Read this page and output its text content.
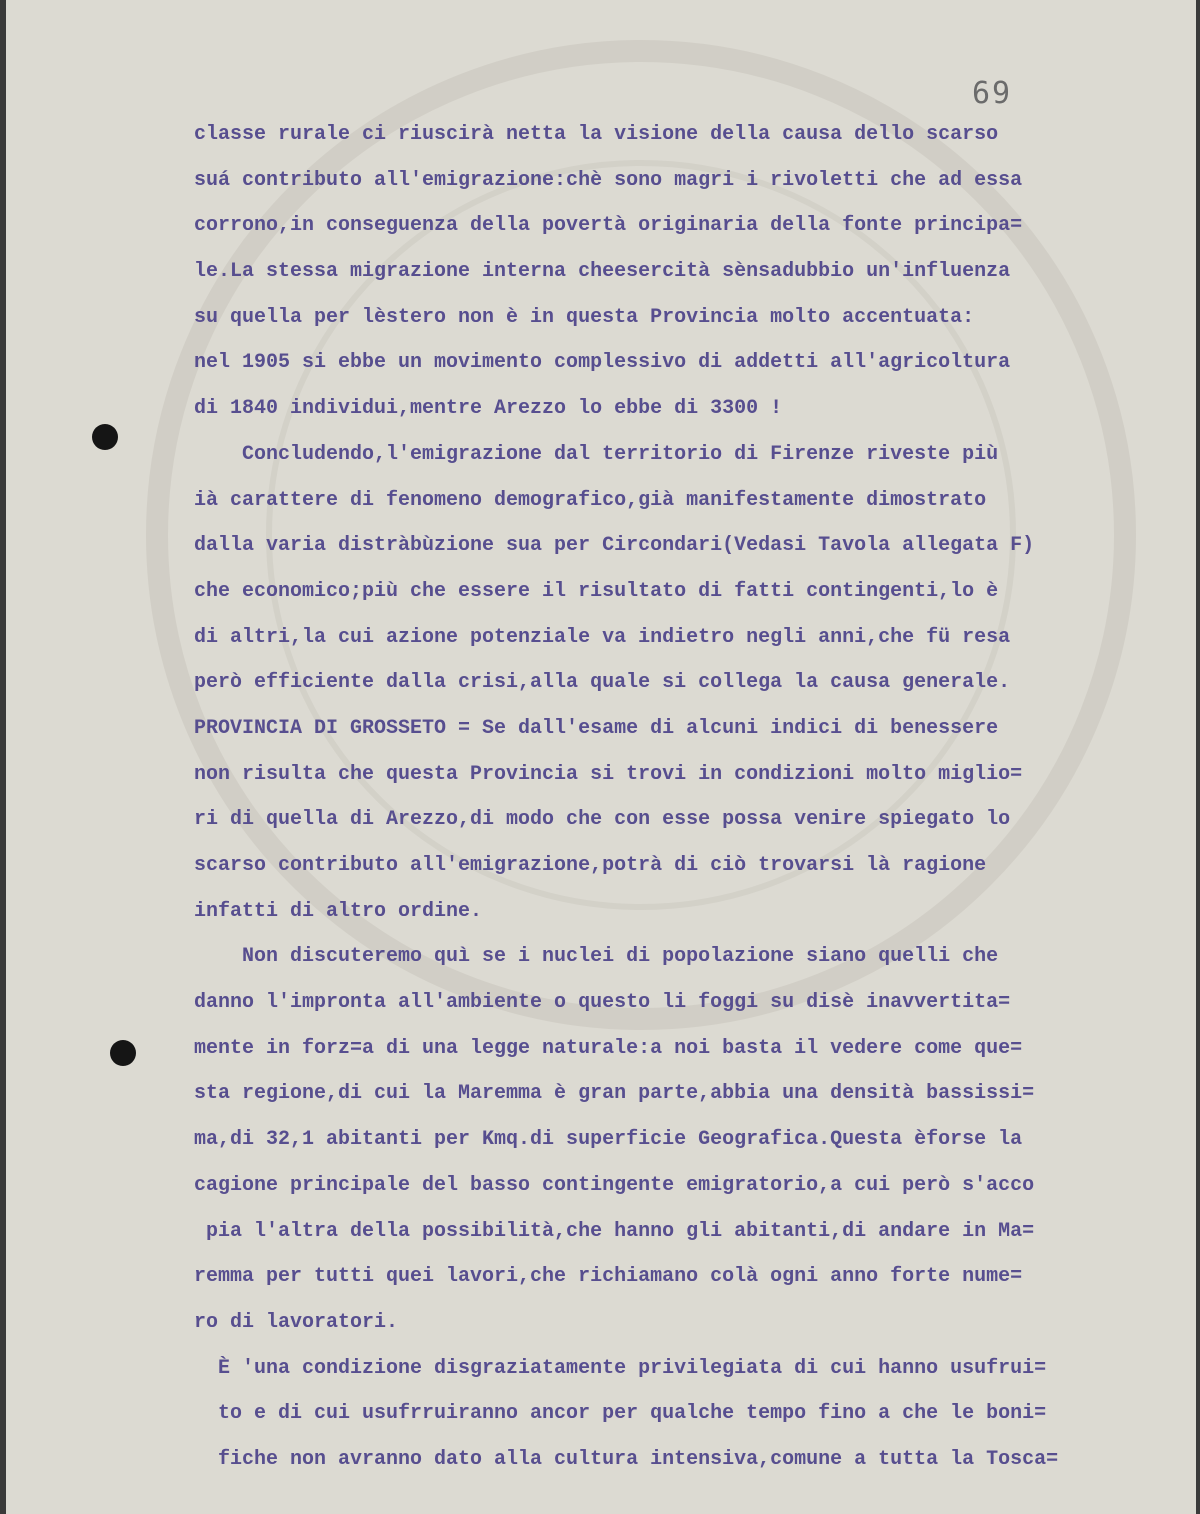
69
classe rurale ci riuscirà netta la visione della causa dello scarso
suá contributo all'emigrazione:chè sono magri i rivoletti che ad essa
corrono,in conseguenza della povertà originaria della fonte principa=
le.La stessa migrazione interna cheesercità sènsadubbio un'influenza
su quella per lèstero non è in questa Provincia molto accentuata:
nel 1905 si ebbe un movimento complessivo di addetti all'agricoltura
di 1840 individui,mentre Arezzo lo ebbe di 3300 !
Concludendo,l'emigrazione dal territorio di Firenze riveste più
ià carattere di fenomeno demografico,già manifestamente dimostrato
dalla varia distràbùzione sua per Circondari(Vedasi Tavola allegata F)
che economico;più che essere il risultato di fatti contingenti,lo è
di altri,la cui azione potenziale va indietro negli anni,che fü resa
però efficiente dalla crisi,alla quale si collega la causa generale.
PROVINCIA DI GROSSETO = Se dall'esame di alcuni indici di benessere
non risulta che questa Provincia si trovi in condizioni molto miglio=
ri di quella di Arezzo,di modo che con esse possa venire spiegato lo
scarso contributo all'emigrazione,potrà di ciò trovarsi là ragione
infatti di altro ordine.
Non discuteremo quì se i nuclei di popolazione siano quelli che
danno l'impronta all'ambiente o questo li foggi su disè inavvertita=
mente in forz=a di una legge naturale:a noi basta il vedere come que=
sta regione,di cui la Maremma è gran parte,abbia una densità bassissi=
ma,di 32,1 abitanti per Kmq.di superficie Geografica.Questa èforse la
cagione principale del basso contingente emigratorio,a cui però s'acco
pia l'altra della possibilità,che hanno gli abitanti,di andare in Ma=
remma per tutti quei lavori,che richiamano colà ogni anno forte nume=
ro di lavoratori.
È 'una condizione disgraziatamente privilegiata di cui hanno usufrui=
to e di cui usufrruiranno ancor per qualche tempo fino a che le boni=
fiche non avranno dato alla cultura intensiva,comune a tutta la Tosca=
